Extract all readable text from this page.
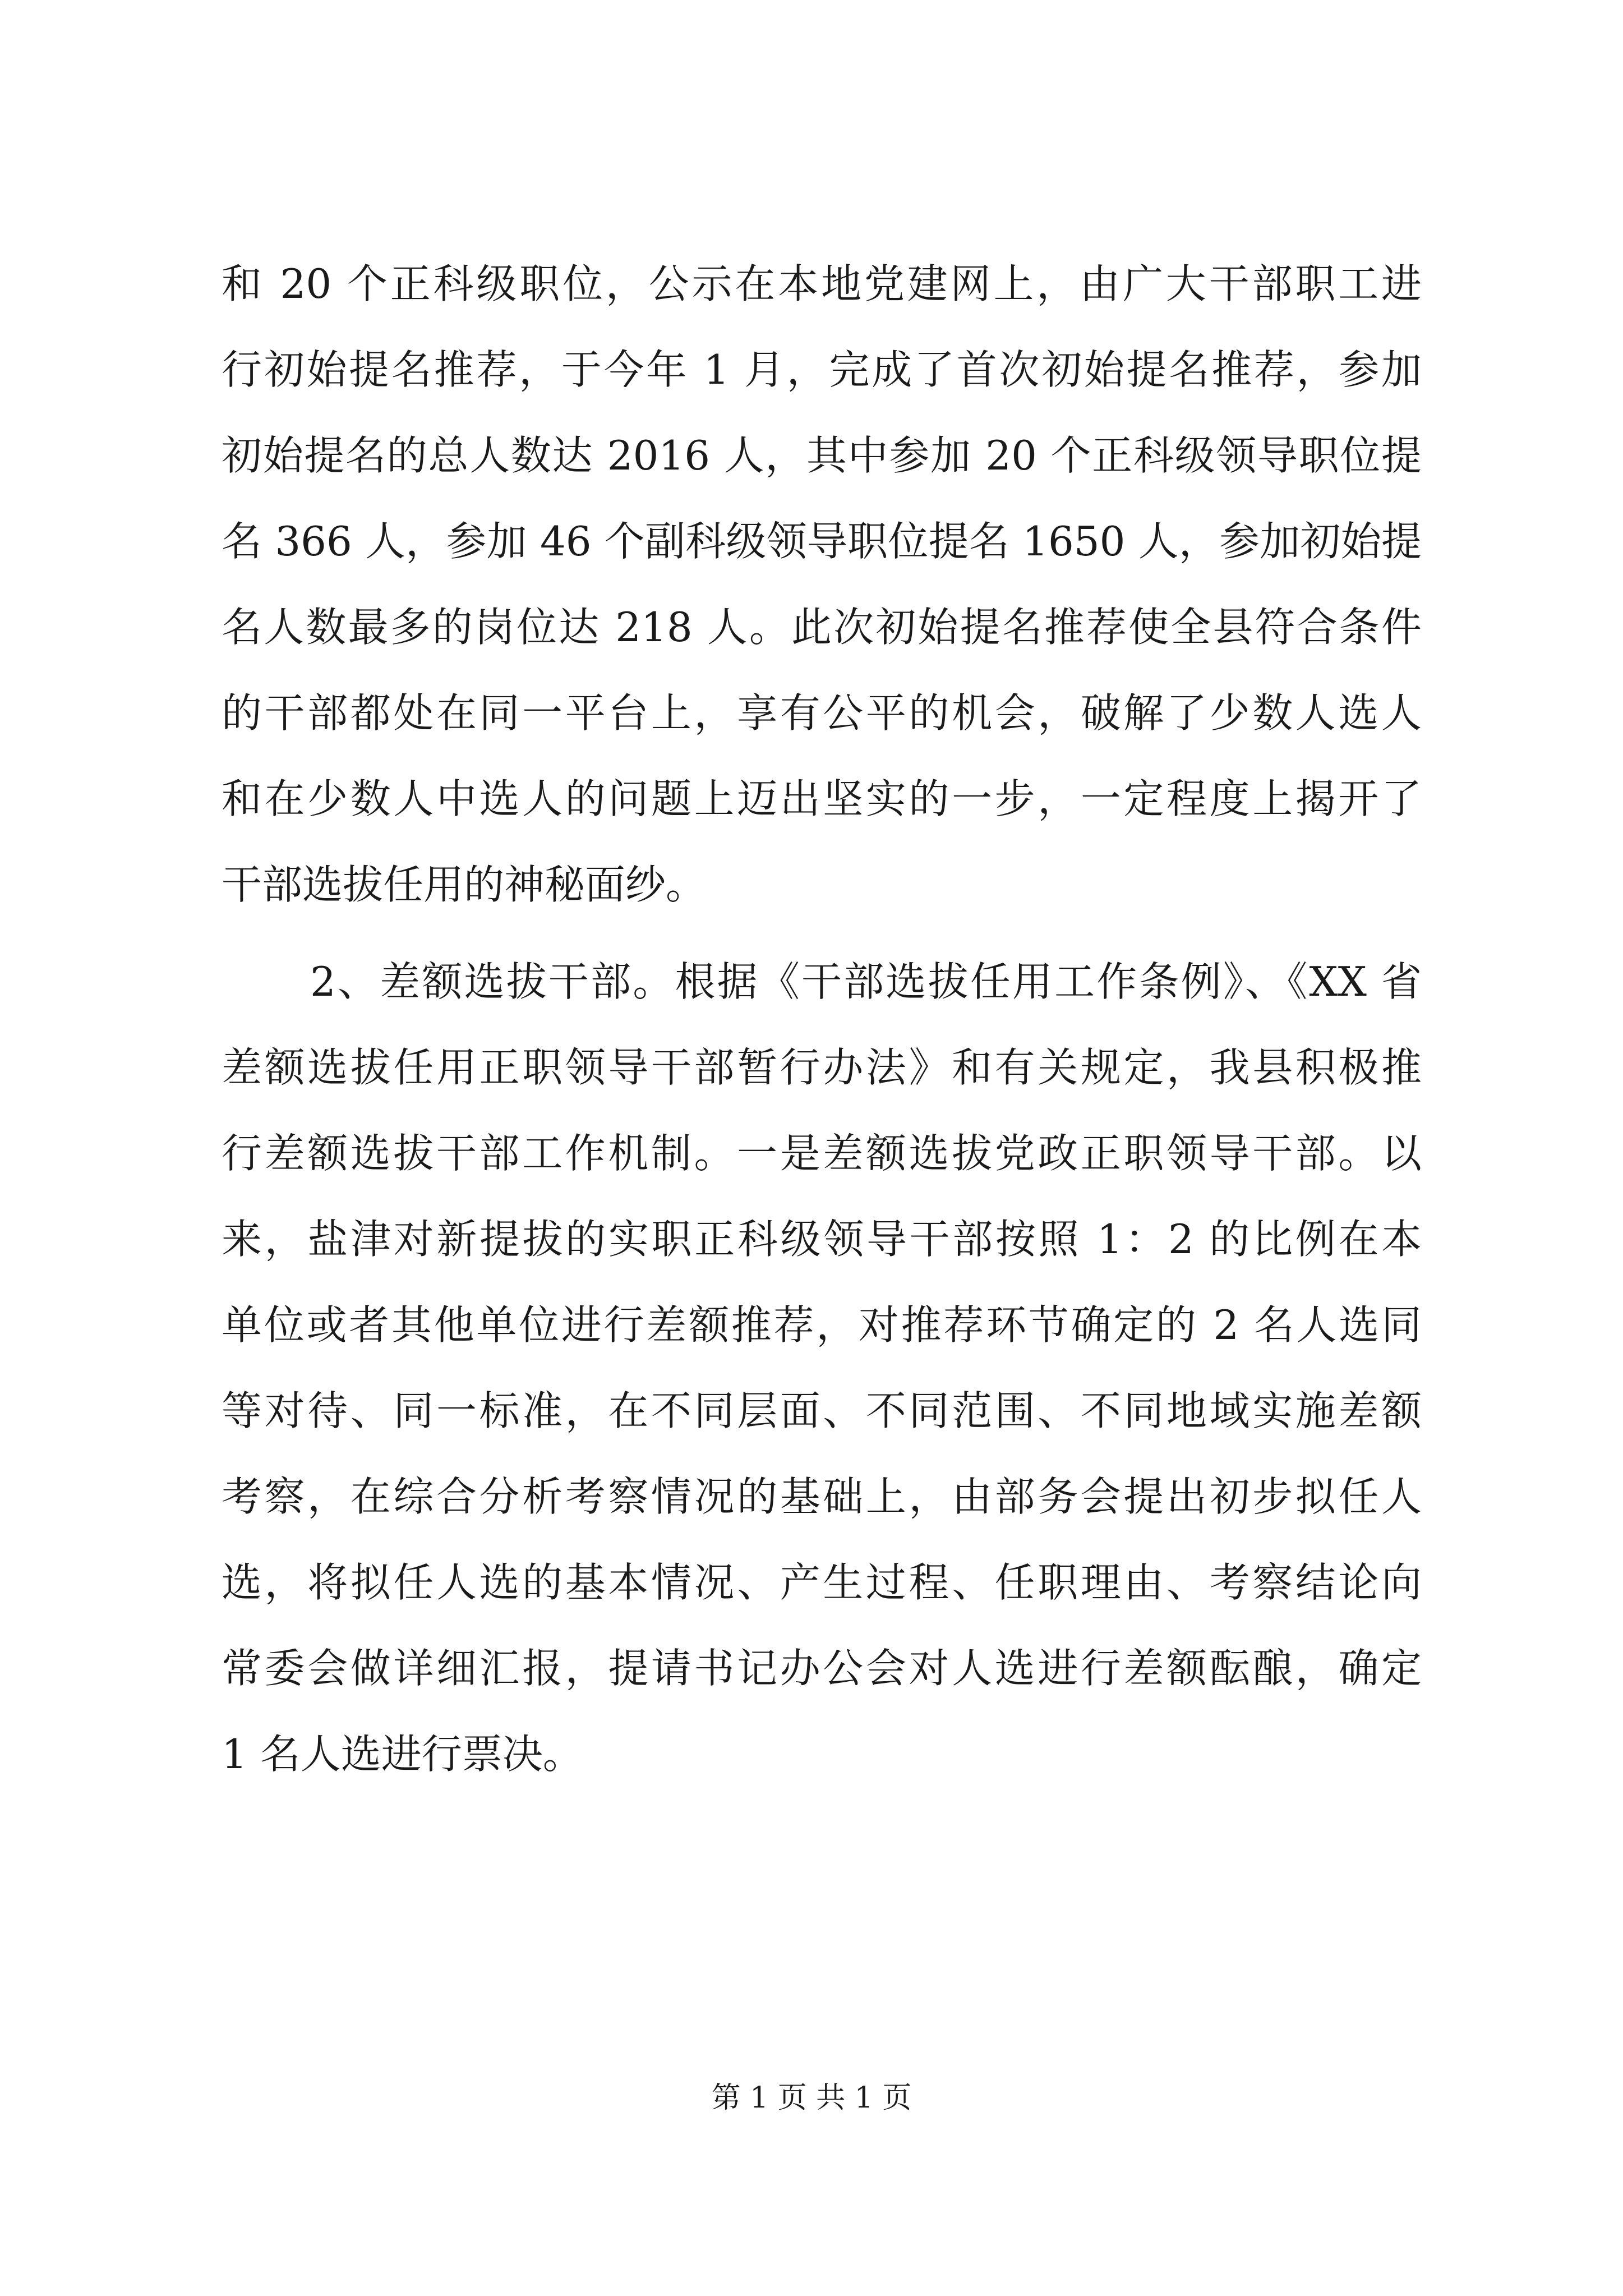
和 20 个正科级职位，公示在本地党建网上，由广大干部职工进
行初始提名推荐，于今年 1 月，完成了首次初始提名推荐，参加
初始提名的总人数达 2016 人，其中参加 20 个正科级领导职位提
名 366 人，参加 46 个副科级领导职位提名 1650 人，参加初始提
名人数最多的岗位达 218 人。此次初始提名推荐使全县符合条件
的干部都处在同一平台上，享有公平的机会，破解了少数人选人
和在少数人中选人的问题上迈出坚实的一步，一定程度上揭开了
干部选拔任用的神秘面纱。
2、差额选拔干部。根据《干部选拔任用工作条例》、《XX 省
差额选拔任用正职领导干部暂行办法》和有关规定，我县积极推
行差额选拔干部工作机制。一是差额选拔党政正职领导干部。以
来，盐津对新提拔的实职正科级领导干部按照 1：2 的比例在本
单位或者其他单位进行差额推荐，对推荐环节确定的 2 名人选同
等对待、同一标准，在不同层面、不同范围、不同地域实施差额
考察，在综合分析考察情况的基础上，由部务会提出初步拟任人
选，将拟任人选的基本情况、产生过程、任职理由、考察结论向
常委会做详细汇报，提请书记办公会对人选进行差额酝酿，确定
1 名人选进行票决。
第 1 页 共 1 页
